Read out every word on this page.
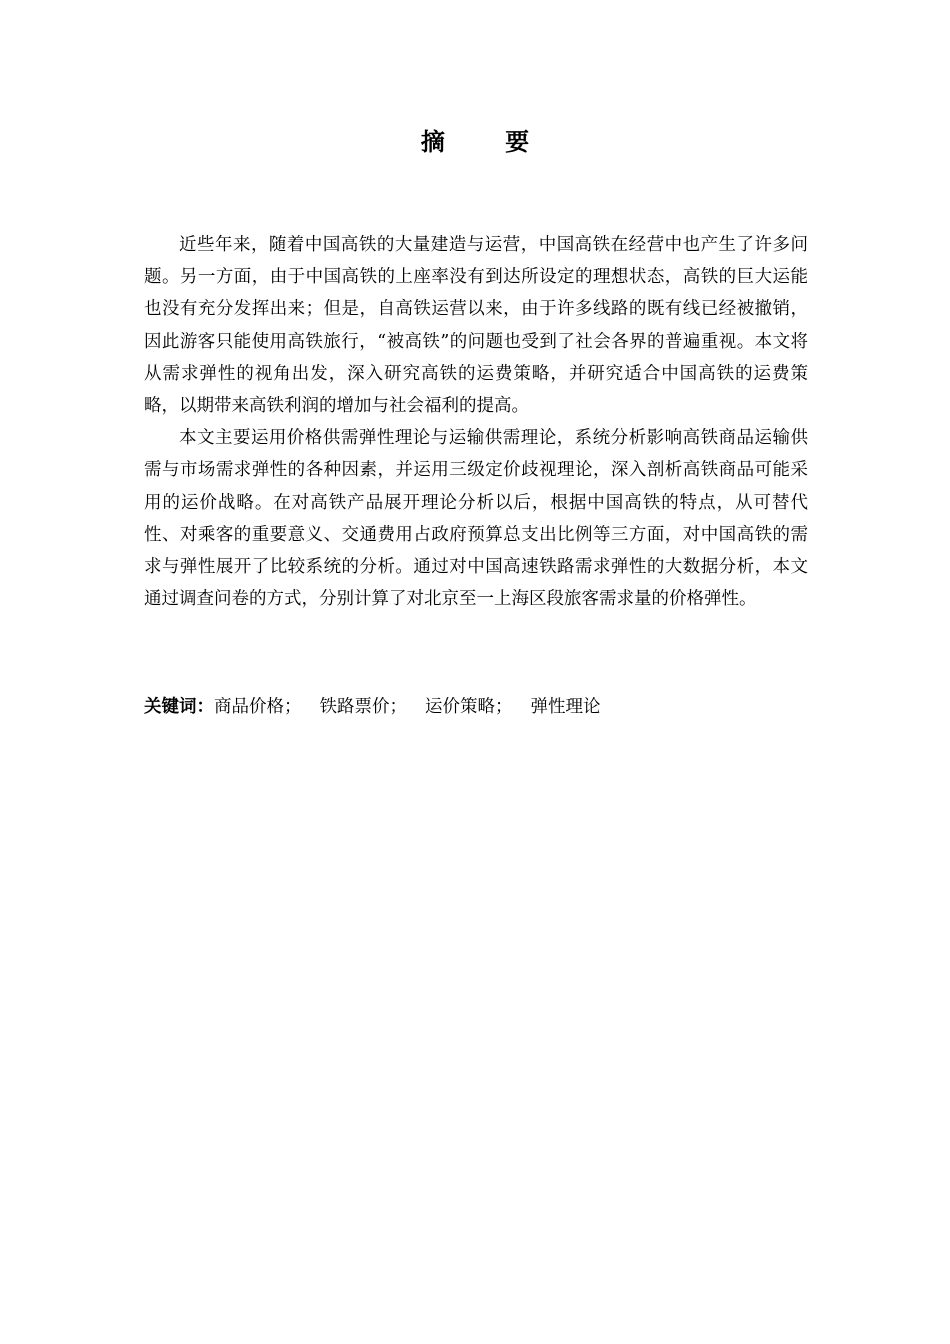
摘 要

近些年来，随着中国高铁的大量建造与运营，中国高铁在经营中也产生了许多问题。另一方面，由于中国高铁的上座率没有到达所设定的理想状态，高铁的巨大运能也没有充分发挥出来；但是，自高铁运营以来，由于许多线路的既有线已经被撤销，因此游客只能使用高铁旅行，“被高铁”的问题也受到了社会各界的普遍重视。本文将从需求弹性的视角出发，深入研究高铁的运费策略，并研究适合中国高铁的运费策略，以期带来高铁利润的增加与社会福利的提高。

本文主要运用价格供需弹性理论与运输供需理论，系统分析影响高铁商品运输供需与市场需求弹性的各种因素，并运用三级定价歧视理论，深入剖析高铁商品可能采用的运价战略。在对高铁产品展开理论分析以后，根据中国高铁的特点，从可替代性、对乘客的重要意义、交通费用占政府预算总支出比例等三方面，对中国高铁的需求与弹性展开了比较系统的分析。通过对中国高速铁路需求弹性的大数据分析，本文通过调查问卷的方式，分别计算了对北京至一上海区段旅客需求量的价格弹性。

关键词：商品价格； 铁路票价； 运价策略； 弹性理论
